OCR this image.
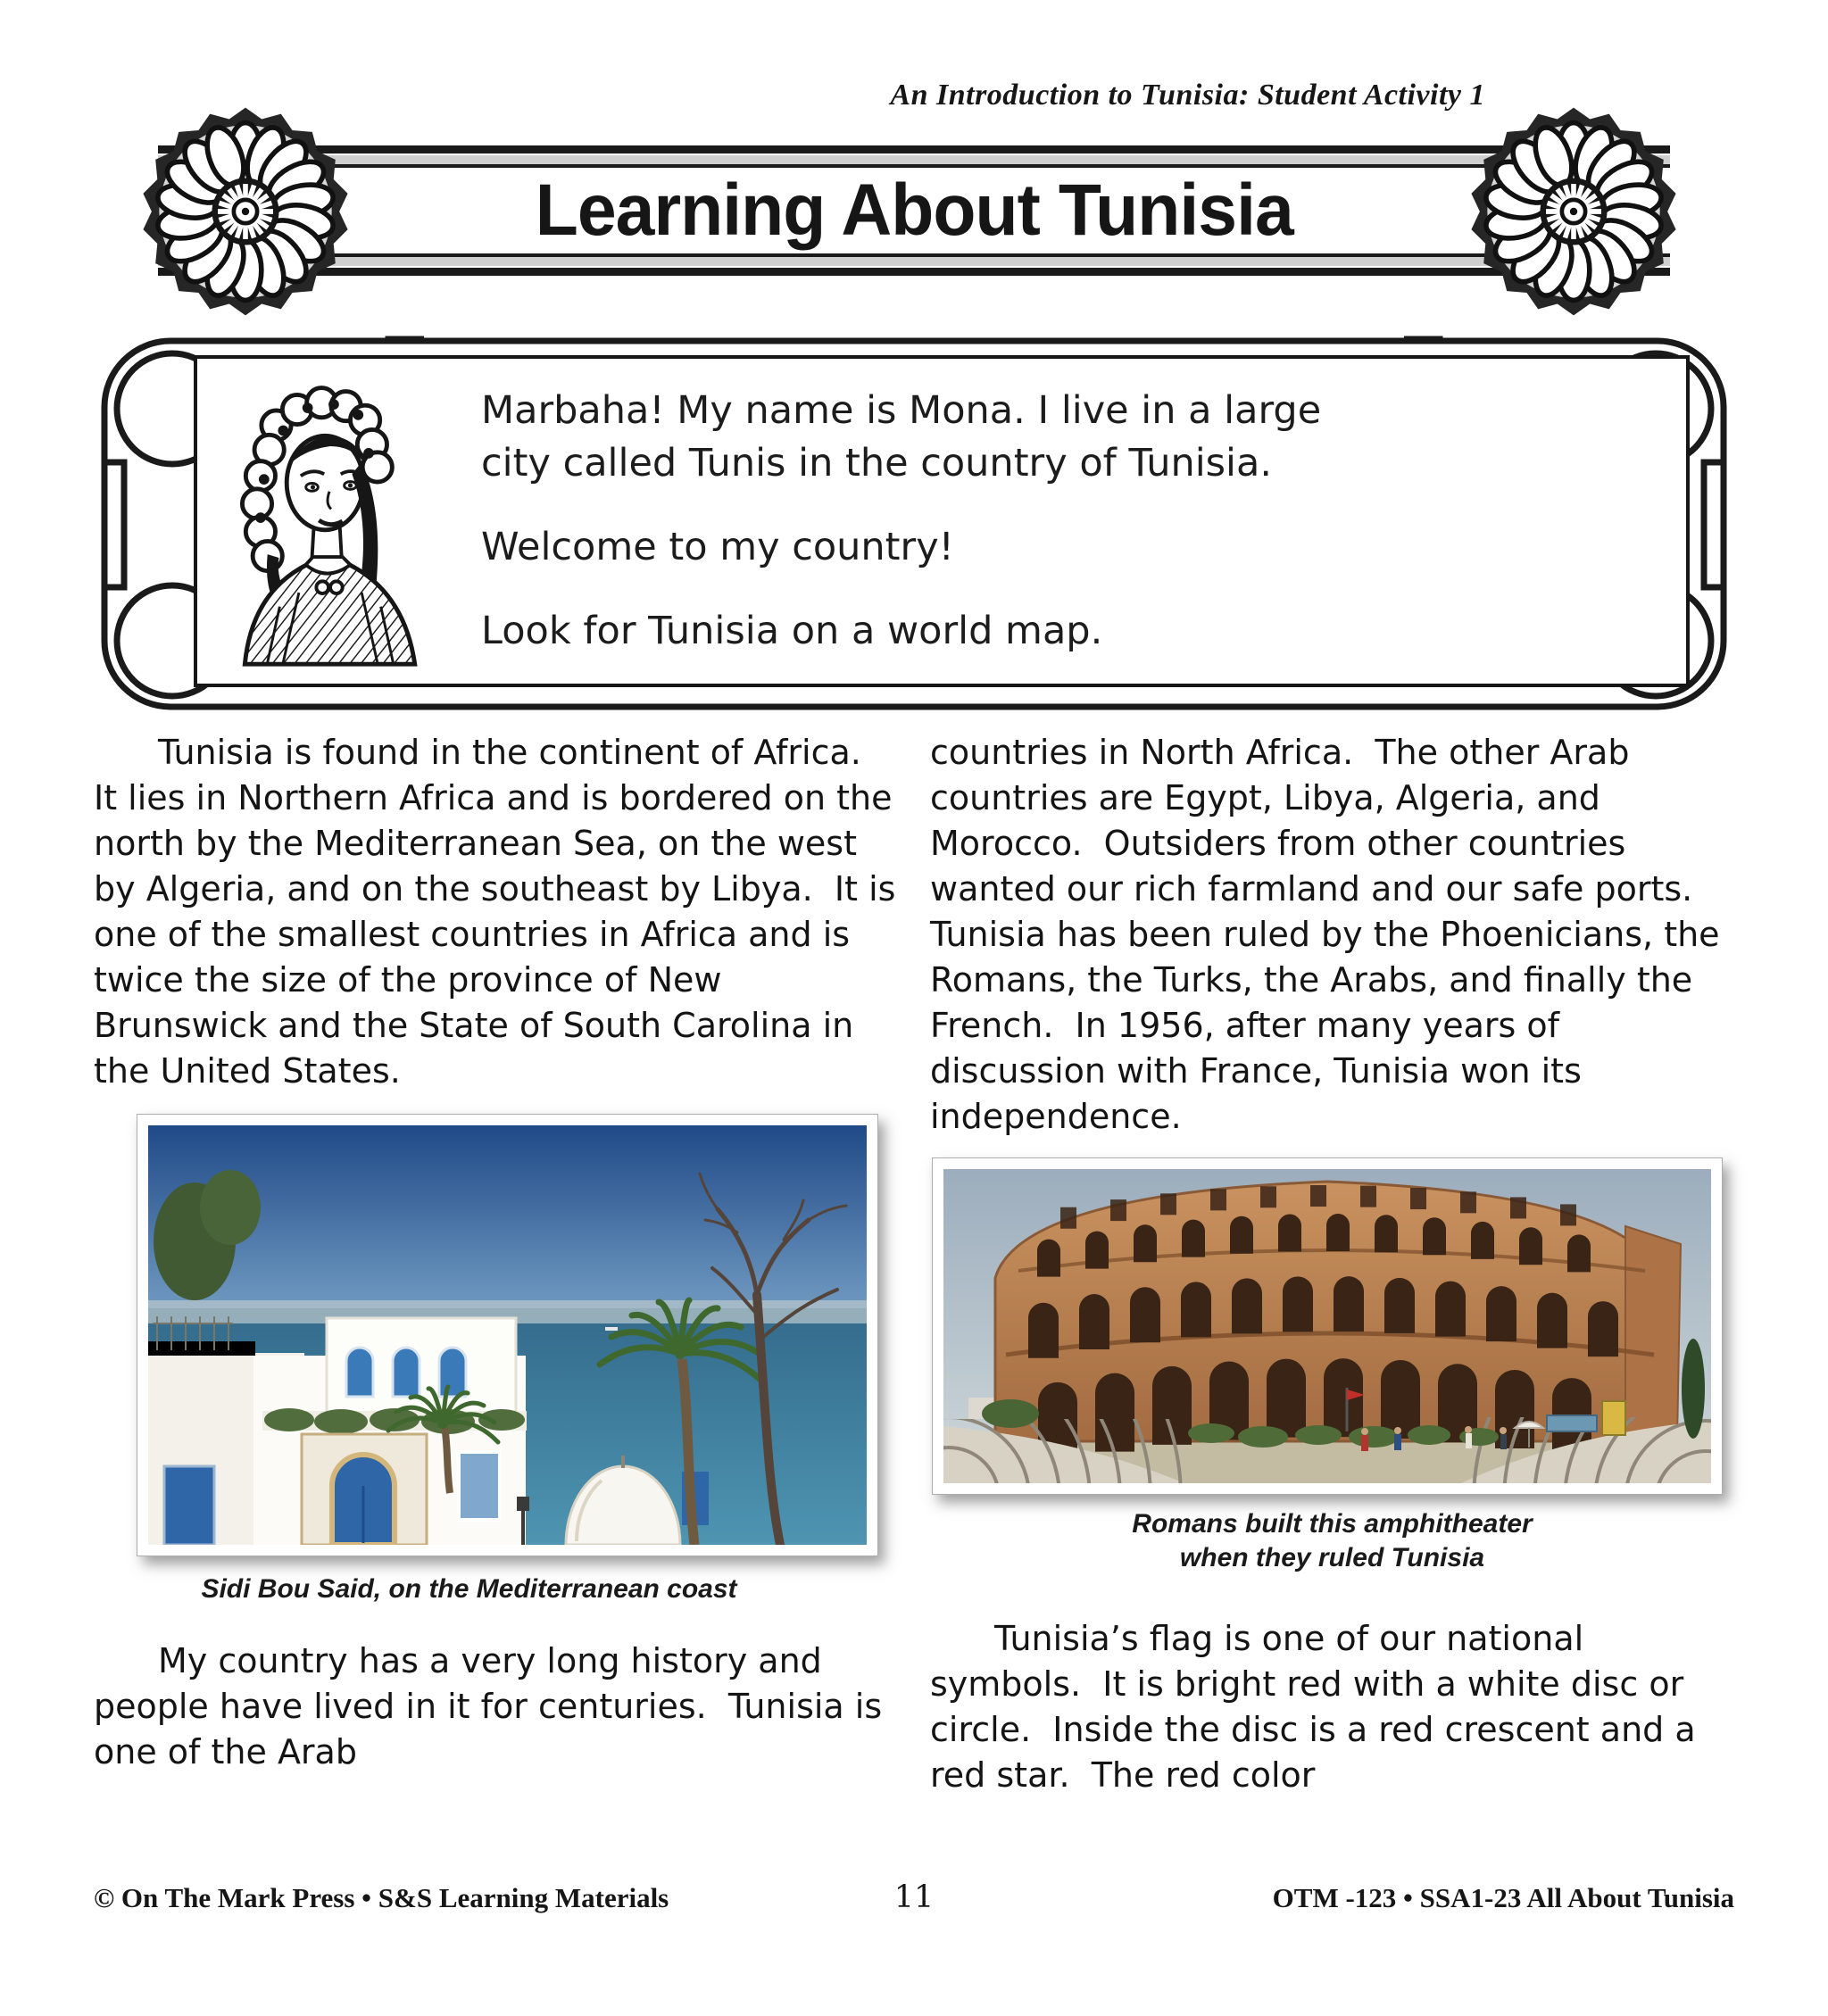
An Introduction to Tunisia: Student Activity 1
Learning About Tunisia

Marbaha! My name is Mona. I live in a large city called Tunis in the country of Tunisia.

Welcome to my country!

Look for Tunisia on a world map.

Tunisia is found in the continent of Africa.  It lies in Northern Africa and is bordered on the north by the Mediterranean Sea, on the west by Algeria, and on the southeast by Libya.  It is one of the smallest countries in Africa and is twice the size of the province of New Brunswick and the State of South Carolina in the United States.

Sidi Bou Said, on the Mediterranean coast

My country has a very long history and people have lived in it for centuries.  Tunisia is one of the Arab

countries in North Africa.  The other Arab countries are Egypt, Libya, Algeria, and Morocco.  Outsiders from other countries wanted our rich farmland and our safe ports.  Tunisia has been ruled by the Phoenicians, the Romans, the Turks, the Arabs, and finally the French.  In 1956, after many years of discussion with France, Tunisia won its independence.

Romans built this amphitheater
when they ruled Tunisia

Tunisia’s flag is one of our national symbols.  It is bright red with a white disc or circle.  Inside the disc is a red crescent and a red star.  The red color

© On The Mark Press • S&S Learning Materials	11	OTM -123 • SSA1-23 All About Tunisia
